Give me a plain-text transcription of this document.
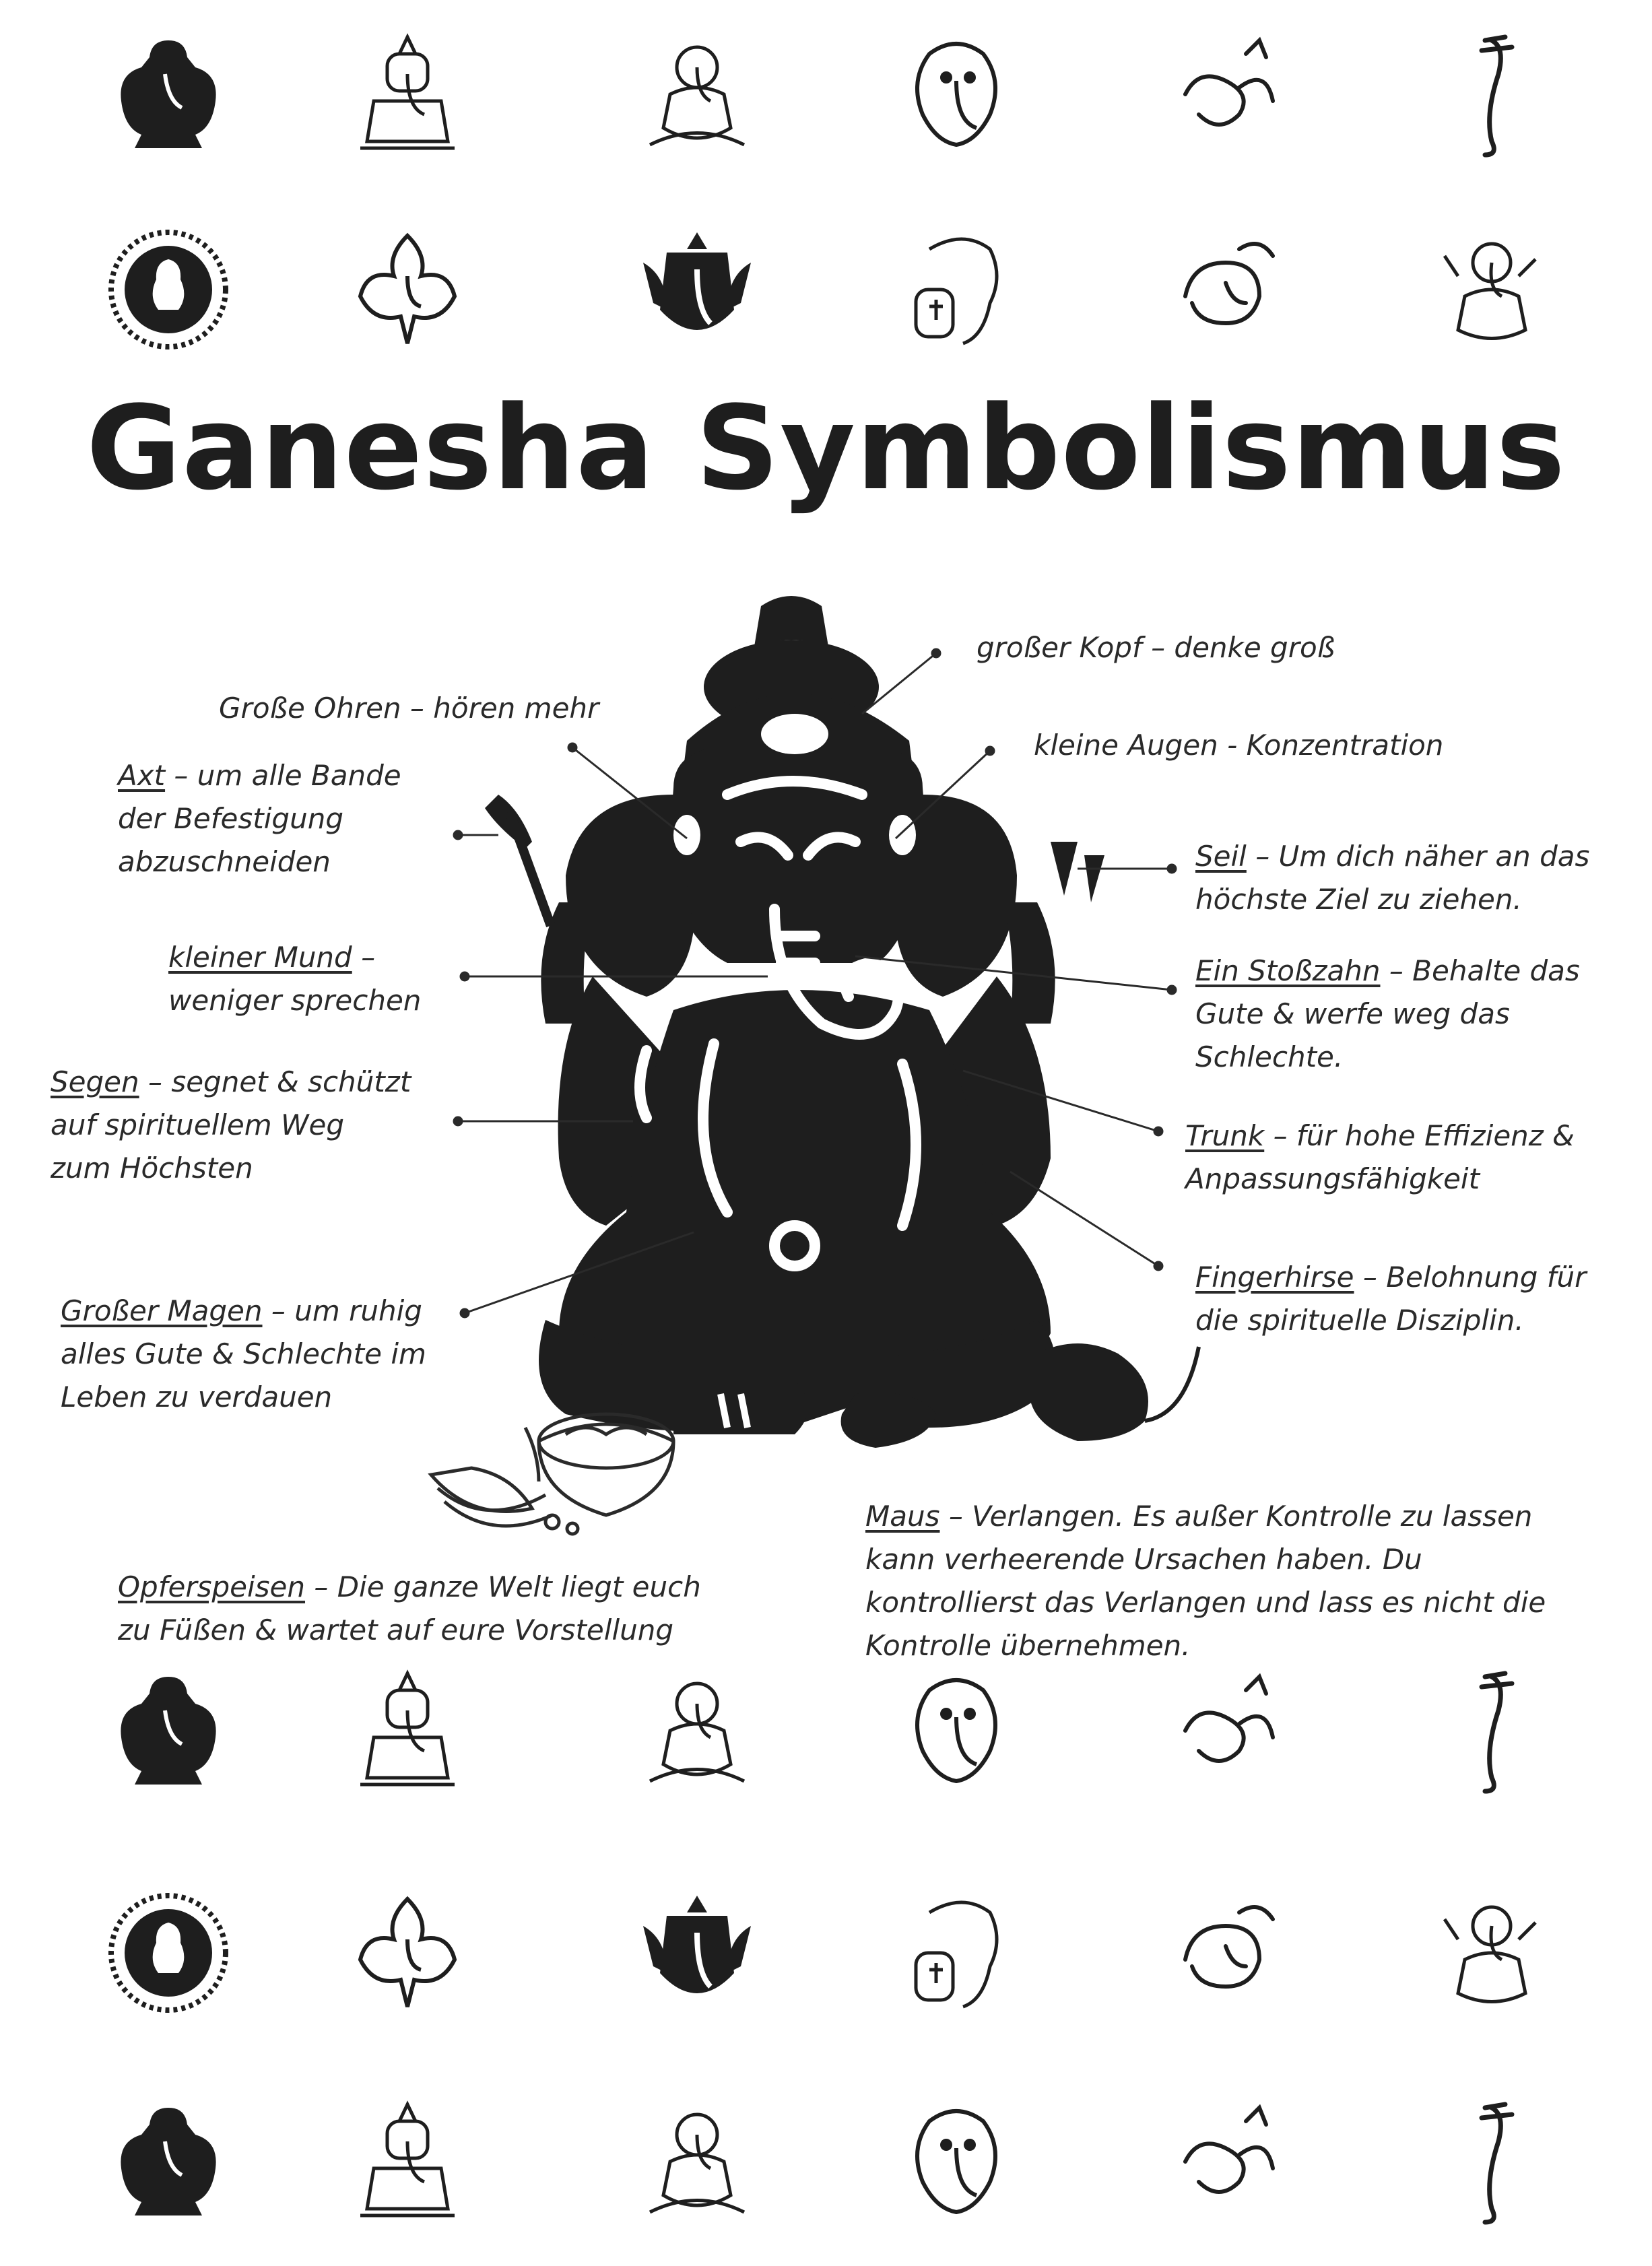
Ganesha Symbolismus
großer Kopf – denke groß
Große Ohren – hören mehr
kleine Augen - Konzentration
Axt – um alle Bande
der Befestigung
abzuschneiden	Seil – Um dich näher an das
höchste Ziel zu ziehen.
kleiner Mund –
weniger sprechen
Ein Stoßzahn – Behalte das
Gute & werfe weg das
Schlechte.
Segen – segnet & schützt
auf spirituellem Weg
zum Höchsten
Trunk – für hohe Effizienz &
Anpassungsfähigkeit
Fingerhirse – Belohnung für
die spirituelle Disziplin.
Großer Magen – um ruhig
alles Gute & Schlechte im
Leben zu verdauen
Maus – Verlangen. Es außer Kontrolle zu lassen
kann verheerende Ursachen haben. Du
kontrollierst das Verlangen und lass es nicht die
Kontrolle übernehmen.
Opferspeisen – Die ganze Welt liegt euch
zu Füßen & wartet auf eure Vorstellung
